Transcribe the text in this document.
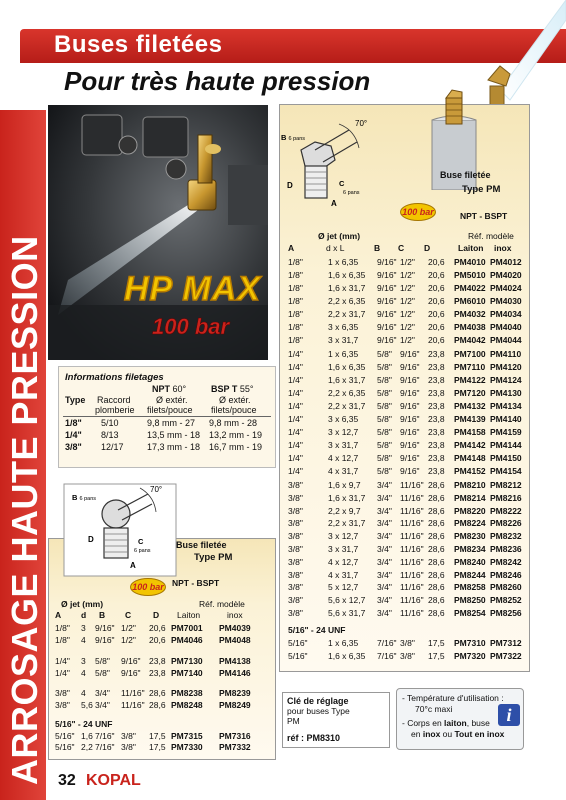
ARROSAGE HAUTE PRESSION
Buses filetées
Pour très haute pression
HP MAX
100 bar
Informations filetages
NPT 60°	BSP T 55°
Type Raccord
plomberie
Ø extér.
filets/pouce
Ø extér.
filets/pouce
1/8" 5/10	9,8 mm - 27 9,8 mm - 28
1/4" 8/13	13,5 mm - 18 13,2 mm - 19
3/8" 12/17	17,3 mm - 18 16,7 mm - 19
Ø jet (mm)	Réf. modèle
A	d x L	B C D	Laiton inox
1/8"	1 x 6,35 9/16" 1/2" 20,6 PM4010 PM4012
1/8"	1,6 x 6,35 9/16" 1/2" 20,6 PM5010 PM4020
1/8"	1,6 x 31,7 9/16" 1/2" 20,6 PM4022 PM4024
1/8"	2,2 x 6,35 9/16" 1/2" 20,6 PM6010 PM4030
1/8"	2,2 x 31,7 9/16" 1/2" 20,6 PM4032 PM4034
1/8"	3 x 6,35 9/16" 1/2" 20,6 PM4038 PM4040
1/8"	3 x 31,7 9/16" 1/2" 20,6 PM4042 PM4044
1/4"	1 x 6,35 5/8" 9/16" 23,8 PM7100 PM4110
1/4"	1,6 x 6,35 5/8" 9/16" 23,8 PM7110 PM4120
1/4"	1,6 x 31,7 5/8" 9/16" 23,8 PM4122 PM4124
1/4"	2,2 x 6,35 5/8" 9/16" 23,8 PM7120 PM4130
1/4"	2,2 x 31,7 5/8" 9/16" 23,8 PM4132 PM4134
1/4"	3 x 6,35 5/8" 9/16" 23,8 PM4139 PM4140
1/4"	3 x 12,7 5/8" 9/16" 23,8 PM4158 PM4159
1/4"	3 x 31,7 5/8" 9/16" 23,8 PM4142 PM4144
1/4"	4 x 12,7 5/8" 9/16" 23,8 PM4148 PM4150
1/4"	4 x 31,7 5/8" 9/16" 23,8 PM4152 PM4154
3/8"	1,6 x 9,7 3/4" 11/16" 28,6 PM8210 PM8212
3/8"	1,6 x 31,7 3/4" 11/16" 28,6 PM8214 PM8216
3/8"	2,2 x 9,7 3/4" 11/16" 28,6 PM8220 PM8222
3/8"	2,2 x 31,7 3/4" 11/16" 28,6 PM8224 PM8226
3/8"	3 x 12,7 3/4" 11/16" 28,6 PM8230 PM8232
3/8"	3 x 31,7 3/4" 11/16" 28,6 PM8234 PM8236
3/8"	4 x 12,7 3/4" 11/16" 28,6 PM8240 PM8242
3/8"	4 x 31,7 3/4" 11/16" 28,6 PM8244 PM8246
3/8"	5 x 12,7 3/4" 11/16" 28,6 PM8258 PM8260
3/8"	5,6 x 12,7 3/4" 11/16" 28,6 PM8250 PM8252
3/8"	5,6 x 31,7 3/4" 11/16" 28,6 PM8254 PM8256
5/16" - 24 UNF
5/16" 1 x 6,35 7/16" 3/8" 17,5 PM7310 PM7312
5/16" 1,6 x 6,35 7/16" 3/8" 17,5 PM7320 PM7322
70°
B 6 pans
D	C
6 pans
A
Buse filetée
Type PM
100 bar	NPT - BSPT
Ø jet (mm)	Réf. modèle
A d B C	D Laiton	inox
1/8" 3 9/16" 1/2" 20,6 PM7001 PM4039
1/8" 4 9/16" 1/2" 20,6 PM4046 PM4048
1/4" 3 5/8" 9/16" 23,8 PM7130 PM4138
1/4" 4 5/8" 9/16" 23,8 PM7140 PM4146
3/8" 4 3/4" 11/16" 28,6 PM8238 PM8239
3/8" 5,6 3/4" 11/16" 28,6 PM8248 PM8249
5/16" - 24 UNF
5/16" 1,6 7/16" 3/8" 17,5 PM7315 PM7316
5/16" 2,2 7/16" 3/8" 17,5 PM7330 PM7332
70°
B 6 pans
D	C
6 pans
A
Buse filetée
Type PM
100 bar NPT - BSPT
Clé de réglage
pour buses Type
PM
réf : PM8310
- Température d'utilisation :
70°c maxi
- Corps en laiton, buse
en inox ou Tout en inox
i
32 KOPAL
